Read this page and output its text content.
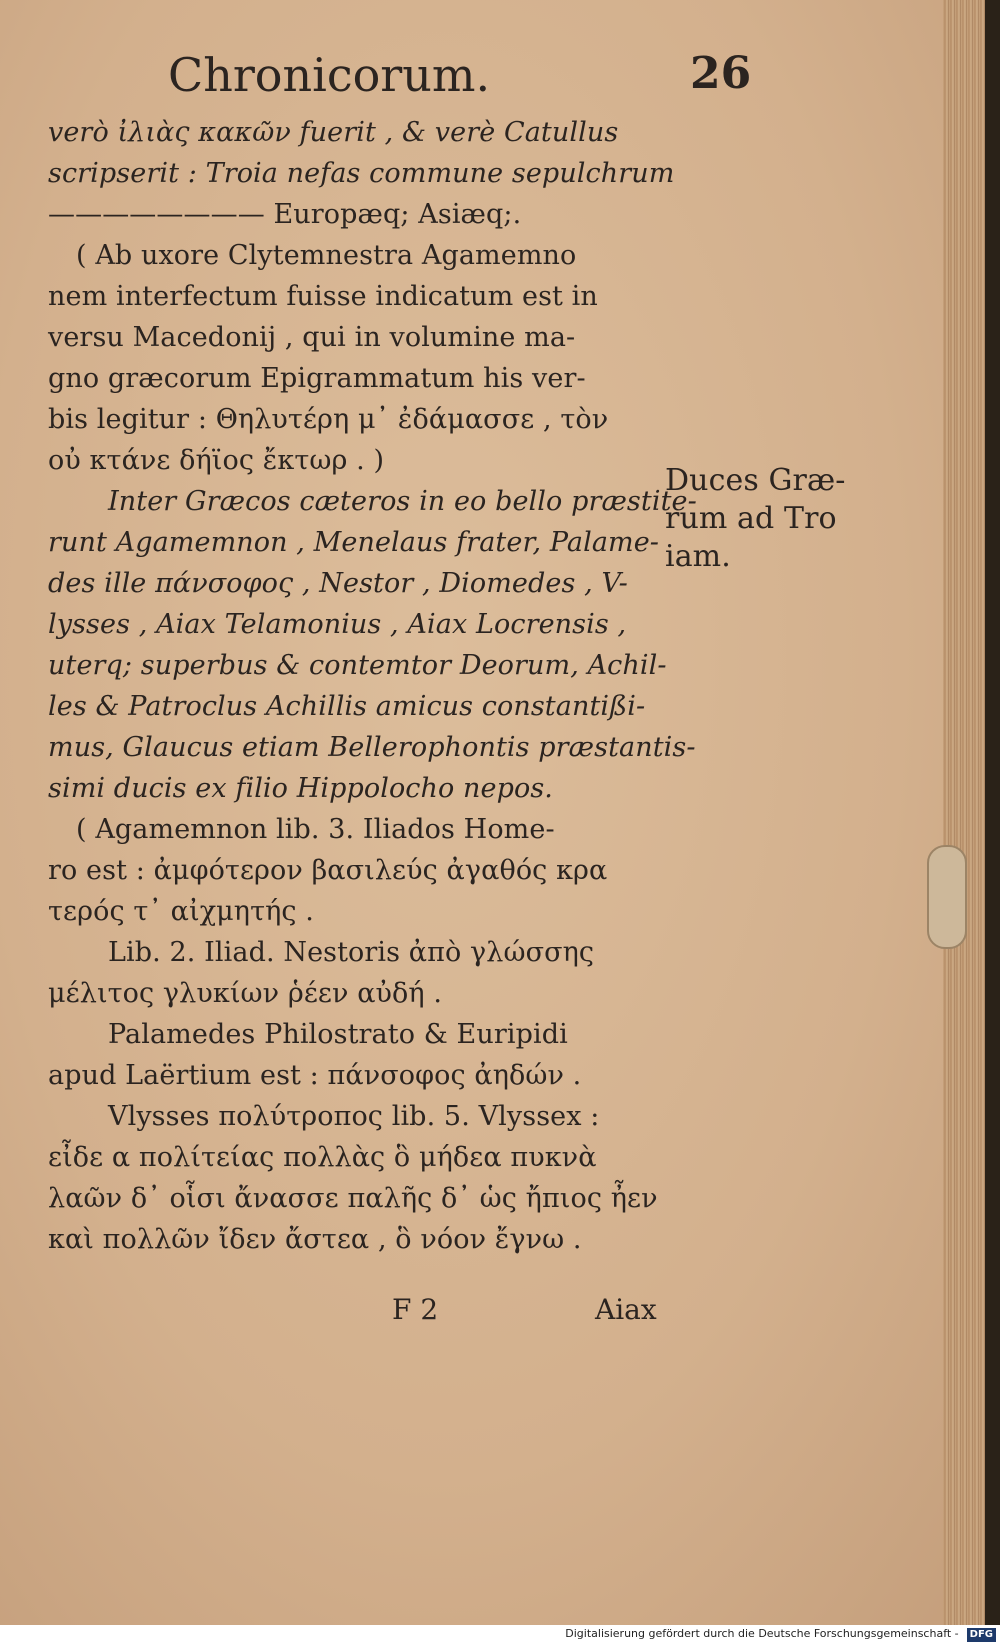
Chronicorum.	26
verò ἰλιὰς κακῶν fuerit , & verè Catullus
scripserit : Troia nefas commune sepulchrum
———————— Europæq; Asiæq;.
( Ab uxore Clytemnestra Agamemno
nem interfectum fuisse indicatum est in
versu Macedonij , qui in volumine ma-
gno græcorum Epigrammatum his ver-
bis legitur : Θηλυτέρη μ᾽ ἐδάμασσε , τὸν
οὐ κτάνε δήϊος ἔκτωρ . )
Inter Græcos cæteros in eo bello præstite-
runt Agamemnon , Menelaus frater, Palame-
des ille πάνσοφος , Nestor , Diomedes , V-
lysses , Aiax Telamonius , Aiax Locrensis ,
uterq; superbus & contemtor Deorum, Achil-
les & Patroclus Achillis amicus constantißi-
mus, Glaucus etiam Bellerophontis præstantis-
simi ducis ex filio Hippolocho nepos.
( Agamemnon lib. 3. Iliados Home-
ro est : ἀμφότερον βασιλεύς ἀγαθός κρα
τερός τ᾽ αἰχμητής .
Lib. 2. Iliad. Nestoris ἀπὸ γλώσσης
μέλιτος γλυκίων ῥέεν αὐδή .
Palamedes Philostrato & Euripidi
apud Laërtium est : πάνσοφος ἀηδών .
Vlysses πολύτροπος lib. 5. Vlyssex :
εἶδε α πολίτείας πολλὰς ὃ μήδεα πυκνὰ
λαῶν δ᾽ οἷσι ἄνασσε παλῆς δ᾽ ὡς ἤπιος ἦεν
καὶ πολλῶν ἴδεν ἄστεα , ὃ νόον ἔγνω .
Duces Græ-
rum ad Tro
iam.
F 2	Aiax
Digitalisierung gefördert durch die Deutsche Forschungsgemeinschaft - DFG
